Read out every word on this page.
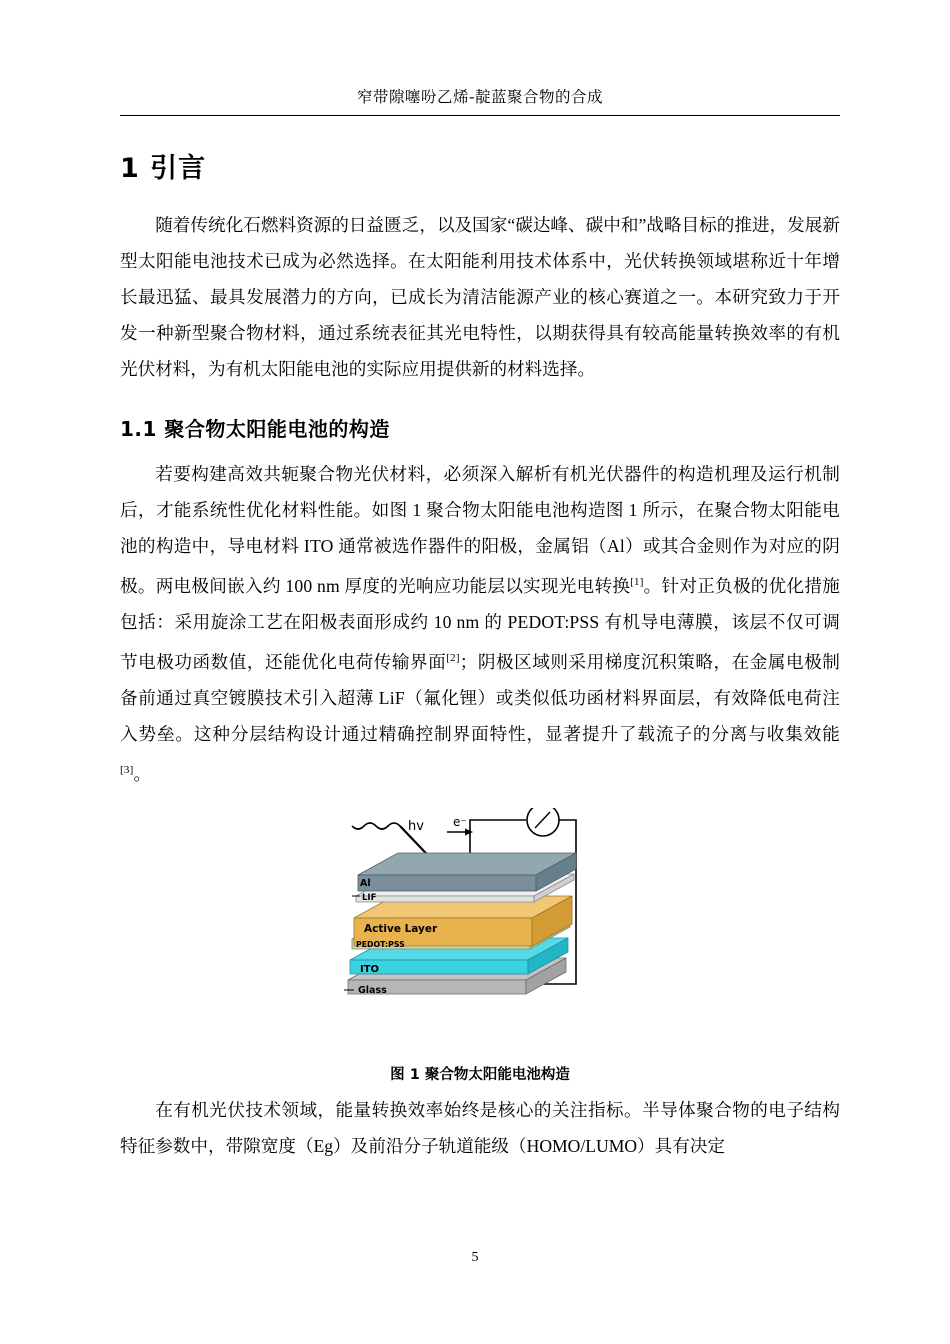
窄带隙噻吩乙烯-靛蓝聚合物的合成
1 引言

随着传统化石燃料资源的日益匮乏，以及国家“碳达峰、碳中和”战略目标的推进，发展新型太阳能电池技术已成为必然选择。在太阳能利用技术体系中，光伏转换领域堪称近十年增长最迅猛、最具发展潜力的方向，已成长为清洁能源产业的核心赛道之一。本研究致力于开发一种新型聚合物材料，通过系统表征其光电特性，以期获得具有较高能量转换效率的有机光伏材料，为有机太阳能电池的实际应用提供新的材料选择。

1.1 聚合物太阳能电池的构造

若要构建高效共轭聚合物光伏材料，必须深入解析有机光伏器件的构造机理及运行机制后，才能系统性优化材料性能。如图 1 聚合物太阳能电池构造图 1 所示，在聚合物太阳能电池的构造中，导电材料 ITO 通常被选作器件的阳极，金属铝（Al）或其合金则作为对应的阴极。两电极间嵌入约 100 nm 厚度的光响应功能层以实现光电转换[1]。针对正负极的优化措施包括：采用旋涂工艺在阳极表面形成约 10 nm 的 PEDOT:PSS 有机导电薄膜，该层不仅可调节电极功函数值，还能优化电荷传输界面[2]；阴极区域则采用梯度沉积策略，在金属电极制备前通过真空镀膜技术引入超薄 LiF（氟化锂）或类似低功函材料界面层，有效降低电荷注入势垒。这种分层结构设计通过精确控制界面特性，显著提升了载流子的分离与收集效能[3]。

hv e⁻
Al
LIF
Active Layer
PEDOT:PSS
ITO
Glass
图 1 聚合物太阳能电池构造

在有机光伏技术领域，能量转换效率始终是核心的关注指标。半导体聚合物的电子结构特征参数中，带隙宽度（Eg）及前沿分子轨道能级（HOMO/LUMO）具有决定

5
